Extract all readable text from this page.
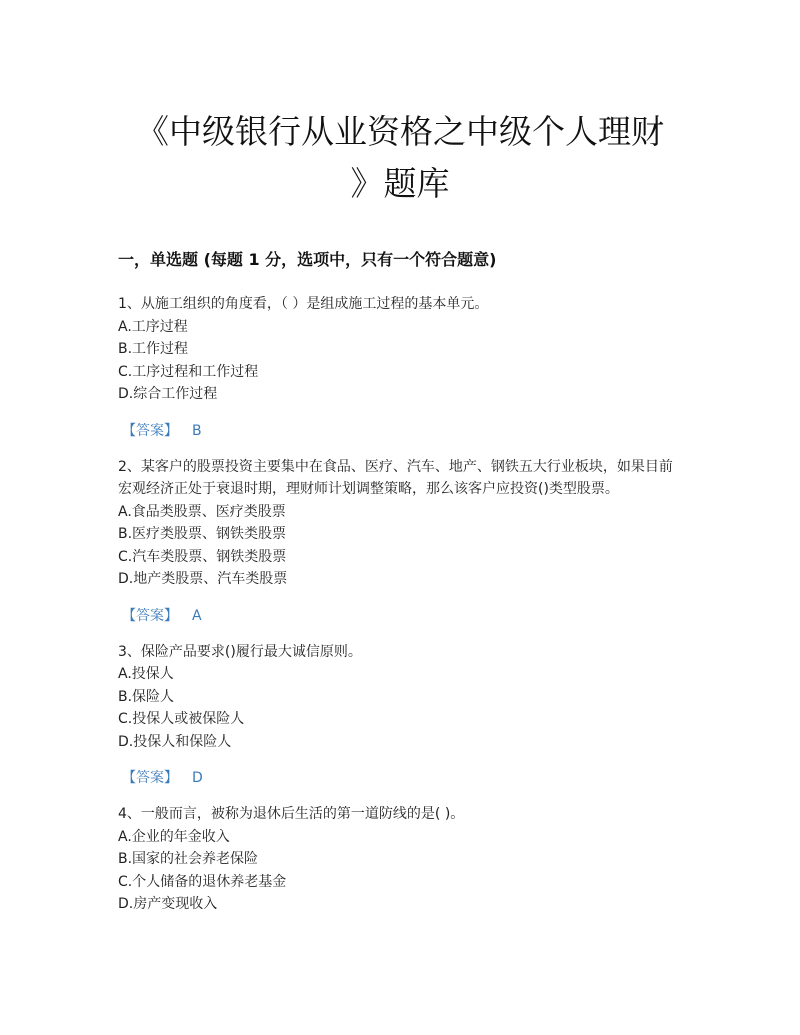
《中级银行从业资格之中级个人理财
》题库
一，单选题 (每题 1 分，选项中，只有一个符合题意)

1、从施工组织的角度看，（ ）是组成施工过程的基本单元。

A.工序过程

B.工作过程

C.工序过程和工作过程

D.综合工作过程

【答案】 B

2、某客户的股票投资主要集中在食品、医疗、汽车、地产、钢铁五大行业板块，如果目前宏观经济正处于衰退时期，理财师计划调整策略，那么该客户应投资()类型股票。

A.食品类股票、医疗类股票

B.医疗类股票、钢铁类股票

C.汽车类股票、钢铁类股票

D.地产类股票、汽车类股票

【答案】 A

3、保险产品要求()履行最大诚信原则。

A.投保人

B.保险人

C.投保人或被保险人

D.投保人和保险人

【答案】 D

4、一般而言，被称为退休后生活的第一道防线的是( )。

A.企业的年金收入

B.国家的社会养老保险

C.个人储备的退休养老基金

D.房产变现收入
